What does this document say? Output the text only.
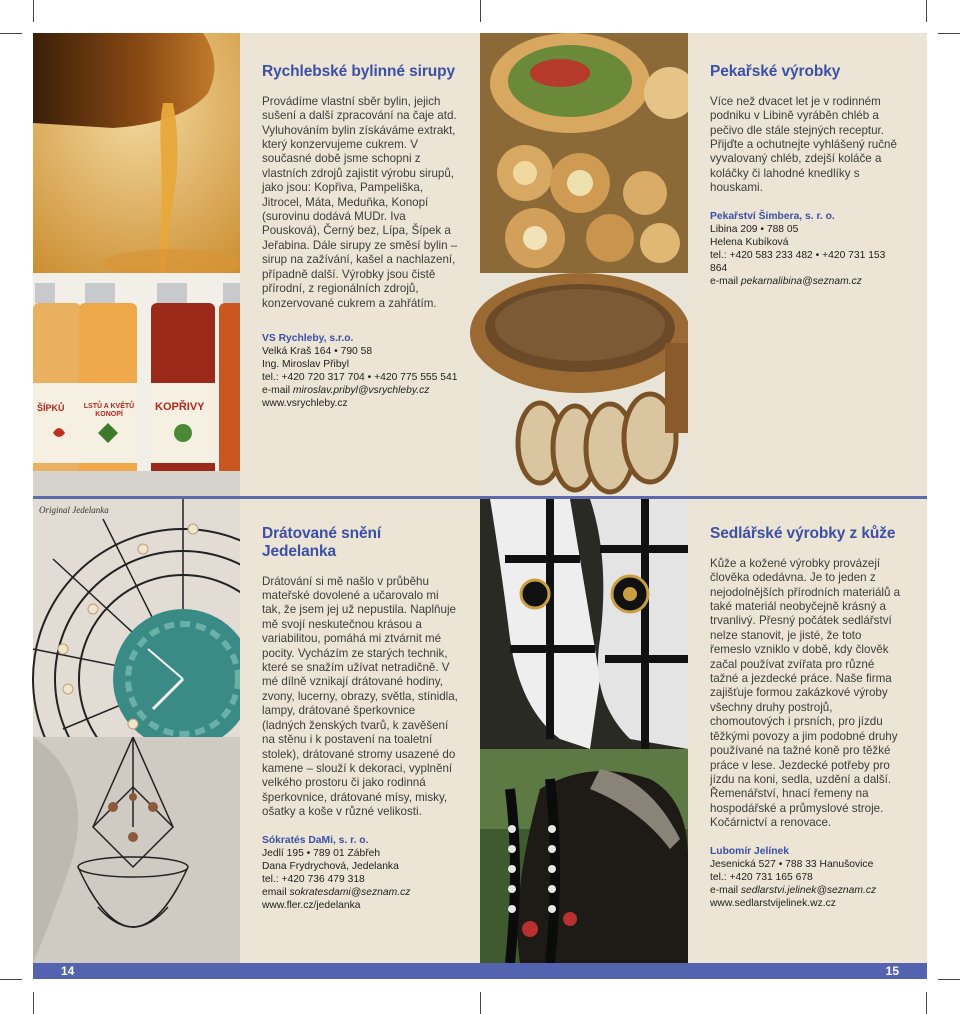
ŠÍPKŮ	LSTŮ A KVĚTŮ KONOPÍ
KOPŘIVY
Rychlebské bylinné sirupy

Provádíme vlastní sběr bylin, jejich sušení a další zpracování na čaje atd. Vyluhováním bylin získáváme extrakt, který konzervujeme cukrem. V současné době jsme schopni z vlastních zdrojů zajistit výrobu sirupů, jako jsou: Kopřiva, Pampeliška, Jitrocel, Máta, Meduňka, Konopí (surovinu dodává MUDr. Iva Pousková), Černý bez, Lípa, Šípek a Jeřabina. Dále sirupy ze směsí bylin – sirup na zažívání, kašel a nachlazení, případně další. Výrobky jsou čistě přírodní, z regionálních zdrojů, konzervované cukrem a zahřátím.

VS Rychleby, s.r.o.
Velká Kraš 164 • 790 58
Ing. Miroslav Přibyl
tel.: +420 720 317 704 • +420 775 555 541
e-mail miroslav.pribyl@vsrychleby.cz
www.vsrychleby.cz
Pekařské výrobky

Více než dvacet let je v rodinném podniku v Libině vyráběn chléb a pečivo dle stále stejných receptur. Přijďte a ochutnejte vyhlášený ručně vyvalovaný chléb, zdejší koláče a koláčky či lahodné knedlíky s houskami.

Pekařství Šimbera, s. r. o.
Libina 209 • 788 05
Helena Kubíková
tel.: +420 583 233 482 • +420 731 153 864
e-mail pekarnalibina@seznam.cz
Original Jedelanka
Drátované snění Jedelanka

Drátování si mě našlo v průběhu mateřské dovolené a učarovalo mi tak, že jsem jej už nepustila. Naplňuje mě svojí neskutečnou krásou a variabilitou, pomáhá mi ztvárnit mé pocity. Vycházím ze starých technik, které se snažím užívat netradičně. V mé dílně vznikají drátované hodiny, zvony, lucerny, obrazy, světla, stínidla, lampy, drátované šperkovnice (ladných ženských tvarů, k zavěšení na stěnu i k postavení na toaletní stolek), drátované stromy usazené do kamene – slouží k dekoraci, vyplnění velkého prostoru či jako rodinná šperkovnice, drátované mísy, misky, ošatky a koše v různé velikosti.

Sókratés DaMi, s. r. o.
Jedlí 195 • 789 01 Zábřeh
Dana Frydrychová, Jedelanka
tel.: +420 736 479 318
email sokratesdami@seznam.cz
www.fler.cz/jedelanka
Sedlářské výrobky z kůže

Kůže a kožené výrobky provázejí člověka odedávna. Je to jeden z nejodolnějších přírodních materiálů a také materiál neobyčejně krásný a trvanlivý. Přesný počátek sedlářství nelze stanovit, je jisté, že toto řemeslo vzniklo v době, kdy člověk začal používat zvířata pro různé tažné a jezdecké práce. Naše firma zajišťuje formou zakázkové výroby všechny druhy postrojů, chomoutových i prsních, pro jízdu těžkými povozy a jim podobné druhy používané na tažné koně pro těžké práce v lese. Jezdecké potřeby pro jízdu na koni, sedla, uzdění a další. Řemenářství, hnací řemeny na hospodářské a průmyslové stroje. Kočárnictví a renovace.

Lubomír Jelínek
Jesenická 527 • 788 33 Hanušovice
tel.: +420 731 165 678
e-mail sedlarstvi.jelinek@seznam.cz
www.sedlarstvijelinek.wz.cz
14	15
